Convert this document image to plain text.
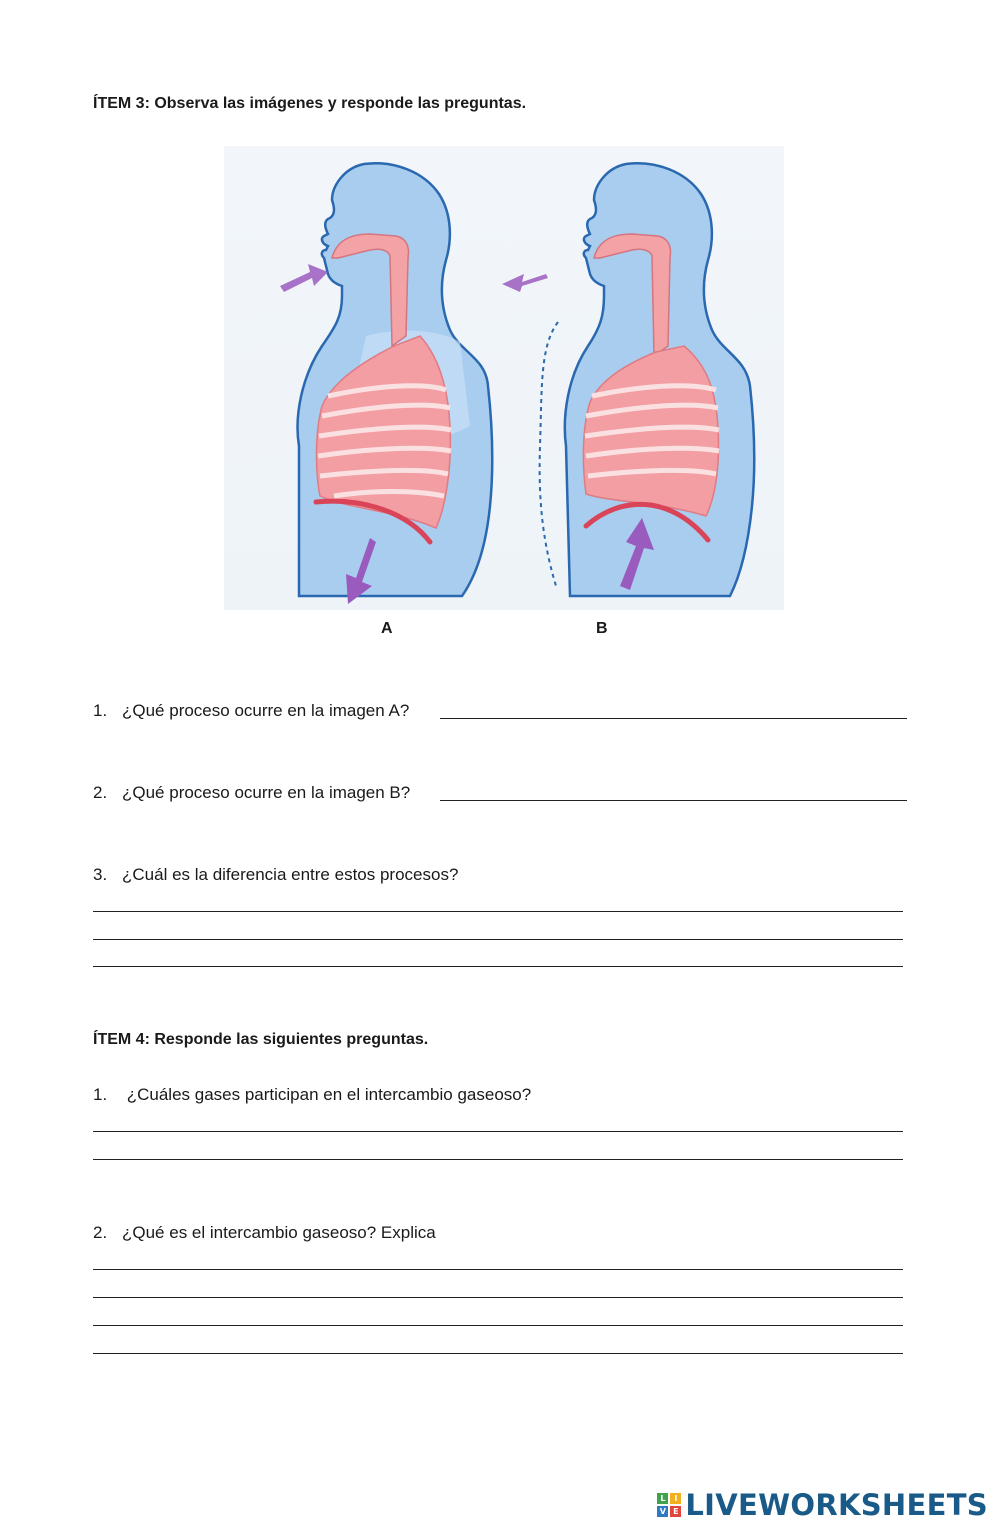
ÍTEM 3: Observa las imágenes y responde las preguntas.
A	B
1. ¿Qué proceso ocurre en la imagen A?
2. ¿Qué proceso ocurre en la imagen B?
3. ¿Cuál es la diferencia entre estos procesos?
ÍTEM 4: Responde las siguientes preguntas.
1. ¿Cuáles gases participan en el intercambio gaseoso?
2. ¿Qué es el intercambio gaseoso? Explica
L	I
V E LIVEWORKSHEETS
